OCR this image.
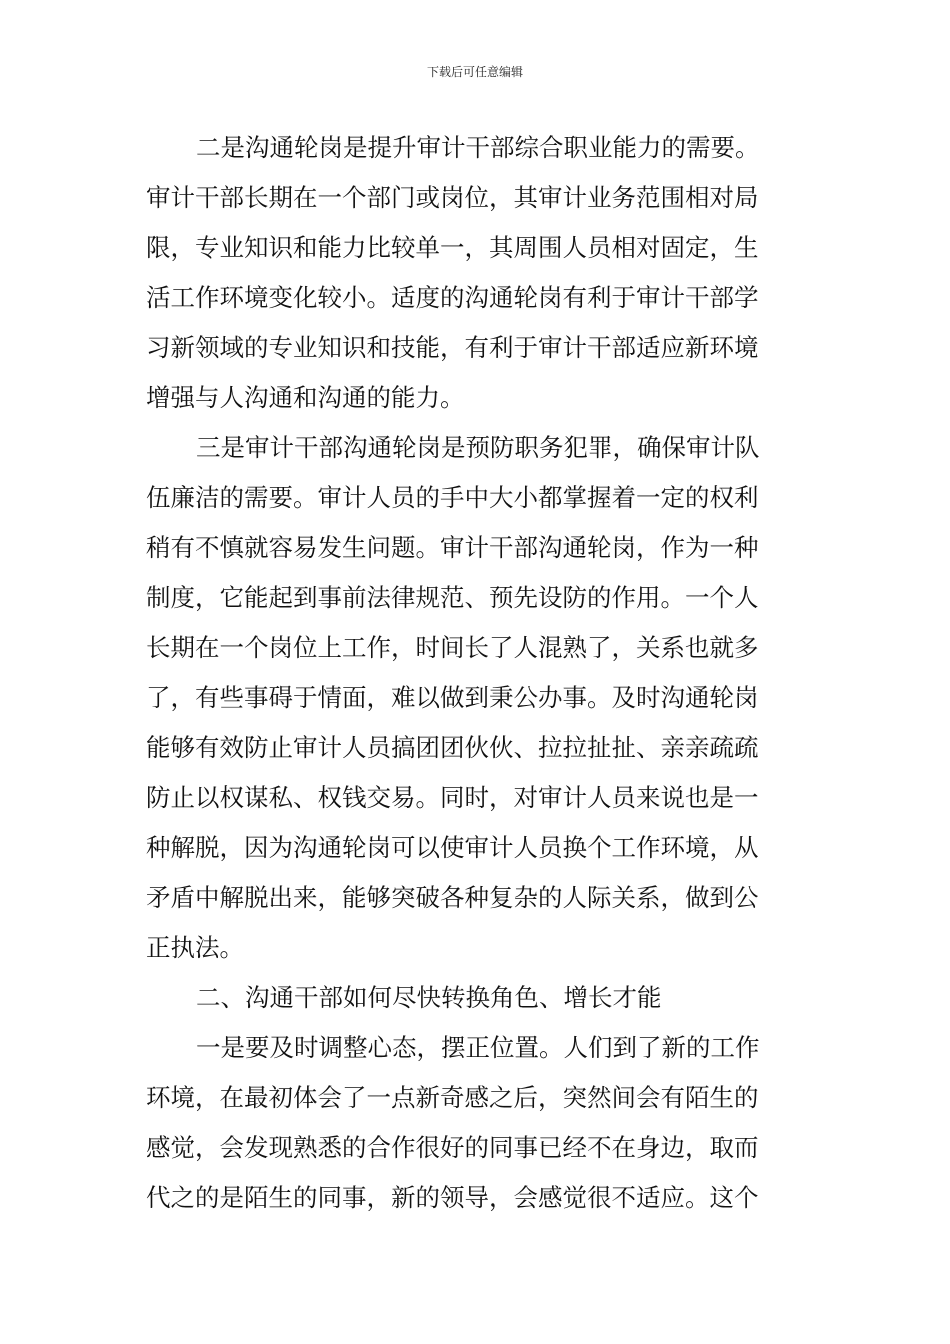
下载后可任意编辑
二是沟通轮岗是提升审计干部综合职业能力的需要。
审计干部长期在一个部门或岗位，其审计业务范围相对局
限，专业知识和能力比较单一，其周围人员相对固定，生
活工作环境变化较小。适度的沟通轮岗有利于审计干部学
习新领域的专业知识和技能，有利于审计干部适应新环境
增强与人沟通和沟通的能力。
三是审计干部沟通轮岗是预防职务犯罪，确保审计队
伍廉洁的需要。审计人员的手中大小都掌握着一定的权利
稍有不慎就容易发生问题。审计干部沟通轮岗，作为一种
制度，它能起到事前法律规范、预先设防的作用。一个人
长期在一个岗位上工作，时间长了人混熟了，关系也就多
了，有些事碍于情面，难以做到秉公办事。及时沟通轮岗
能够有效防止审计人员搞团团伙伙、拉拉扯扯、亲亲疏疏
防止以权谋私、权钱交易。同时，对审计人员来说也是一
种解脱，因为沟通轮岗可以使审计人员换个工作环境，从
矛盾中解脱出来，能够突破各种复杂的人际关系，做到公
正执法。
二、沟通干部如何尽快转换角色、增长才能
一是要及时调整心态，摆正位置。人们到了新的工作
环境，在最初体会了一点新奇感之后，突然间会有陌生的
感觉，会发现熟悉的合作很好的同事已经不在身边，取而
代之的是陌生的同事，新的领导，会感觉很不适应。这个
